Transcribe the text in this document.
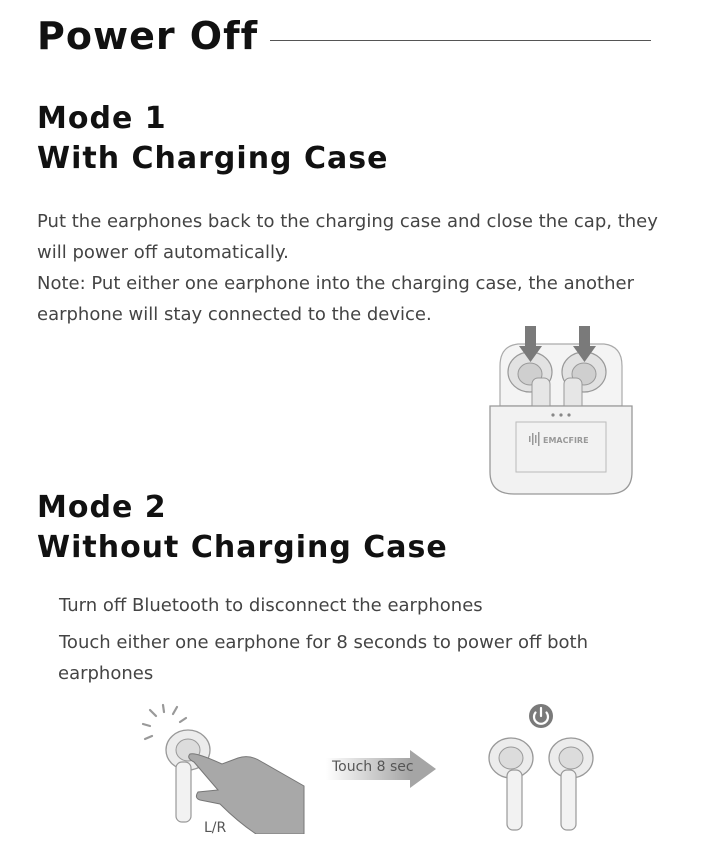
Power Off
Mode 1
With Charging Case
Put the earphones back to the charging case and close the cap, they will power off automatically.
Note: Put either one earphone into the charging case, the another earphone will stay connected to the device.
EMACFIRE
Mode 2
Without Charging Case
Turn off Bluetooth to disconnect the earphones
Touch either one earphone for 8 seconds to power off both earphones
L/R
Touch 8 sec
